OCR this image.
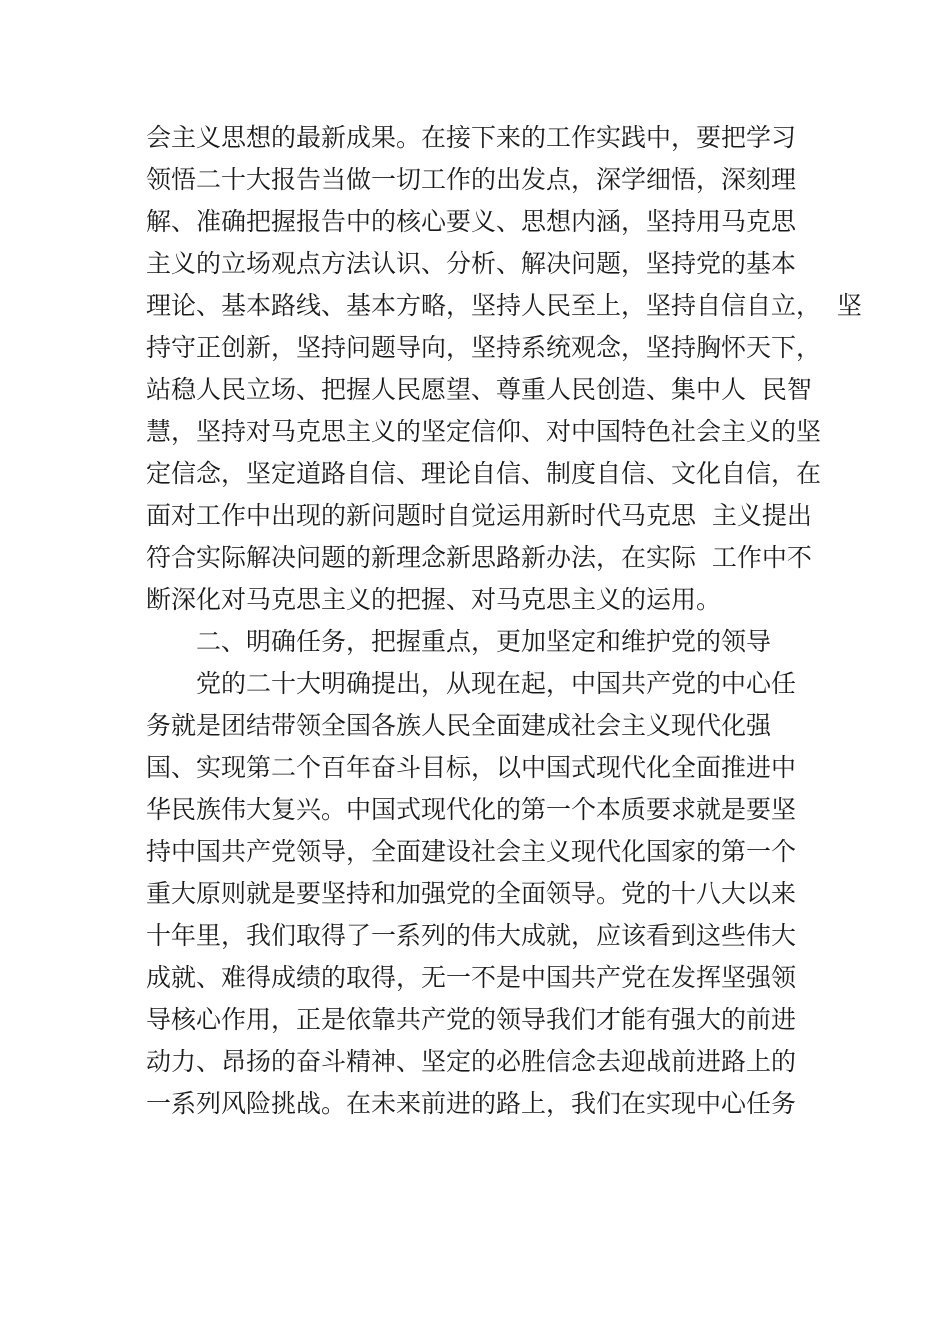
会主义思想的最新成果。在接下来的工作实践中，要把学习
领悟二十大报告当做一切工作的出发点，深学细悟，深刻理
解、准确把握报告中的核心要义、思想内涵，坚持用马克思
主义的立场观点方法认识、分析、解决问题，坚持党的基本
理论、基本路线、基本方略，坚持人民至上，坚持自信自立，  坚
持守正创新，坚持问题导向，坚持系统观念，坚持胸怀天下，
站稳人民立场、把握人民愿望、尊重人民创造、集中人  民智
慧，坚持对马克思主义的坚定信仰、对中国特色社会主义的坚
定信念，坚定道路自信、理论自信、制度自信、文化自信，在
面对工作中出现的新问题时自觉运用新时代马克思  主义提出
符合实际解决问题的新理念新思路新办法，在实际  工作中不
断深化对马克思主义的把握、对马克思主义的运用。
二、明确任务，把握重点，更加坚定和维护党的领导
党的二十大明确提出，从现在起，中国共产党的中心任
务就是团结带领全国各族人民全面建成社会主义现代化强
国、实现第二个百年奋斗目标，以中国式现代化全面推进中
华民族伟大复兴。中国式现代化的第一个本质要求就是要坚
持中国共产党领导，全面建设社会主义现代化国家的第一个
重大原则就是要坚持和加强党的全面领导。党的十八大以来
十年里，我们取得了一系列的伟大成就，应该看到这些伟大
成就、难得成绩的取得，无一不是中国共产党在发挥坚强领
导核心作用，正是依靠共产党的领导我们才能有强大的前进
动力、昂扬的奋斗精神、坚定的必胜信念去迎战前进路上的
一系列风险挑战。在未来前进的路上，我们在实现中心任务
